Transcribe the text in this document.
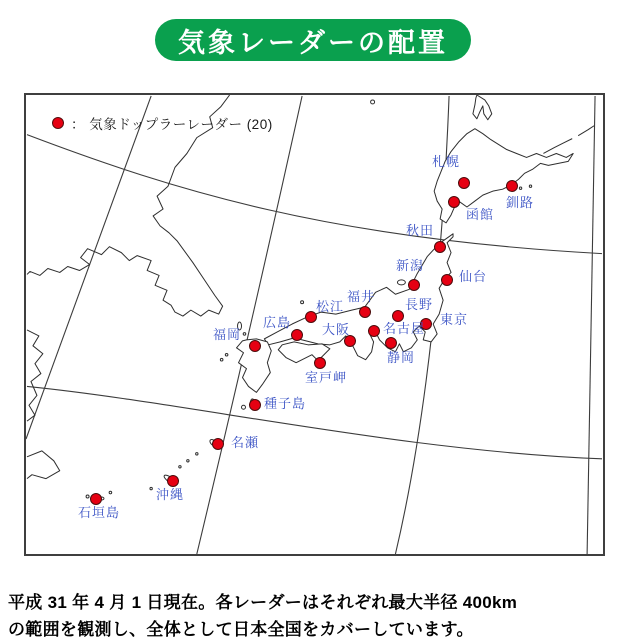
気象レーダーの配置
： 気象ドップラーレーダー (20)
札幌
釧路
函館
秋田
新潟
仙台
長野
東京
名古屋
静岡
福井
大阪
松江
広島
室戸岬
福岡
種子島
名瀬
沖縄
石垣島
平成 31 年 4 月 1 日現在。各レーダーはそれぞれ最大半径 400km
の範囲を観測し、全体として日本全国をカバーしています。
